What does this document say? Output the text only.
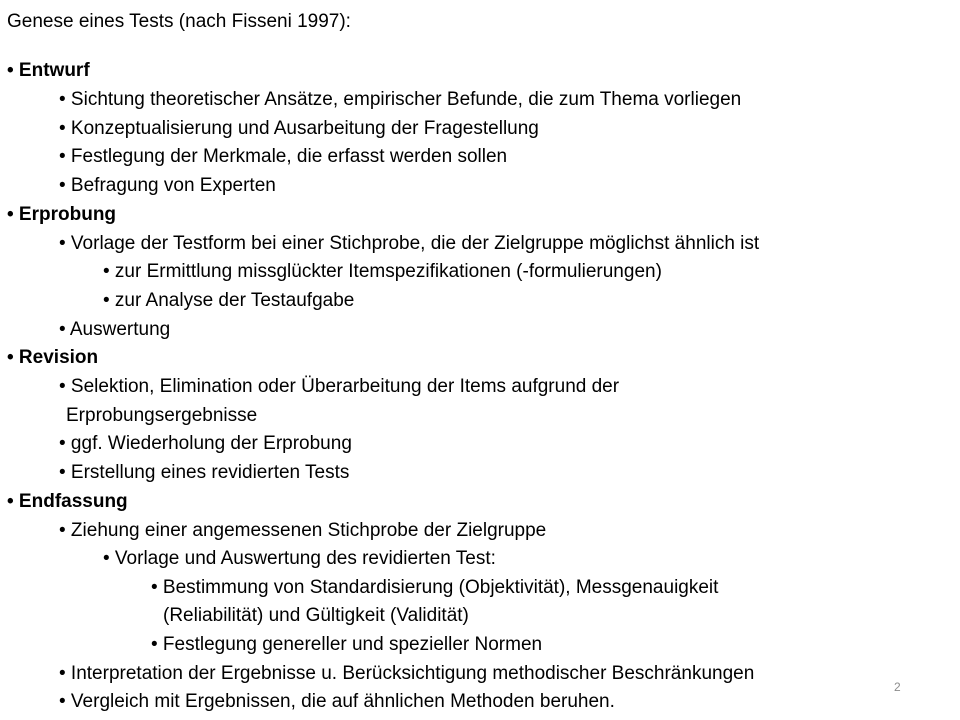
Genese eines Tests (nach Fisseni 1997):
• Entwurf
• Sichtung theoretischer Ansätze, empirischer Befunde, die zum Thema vorliegen
• Konzeptualisierung und Ausarbeitung der Fragestellung
• Festlegung der Merkmale, die erfasst werden sollen
• Befragung von Experten
• Erprobung
• Vorlage der Testform bei einer Stichprobe, die der Zielgruppe möglichst ähnlich ist
• zur Ermittlung missglückter Itemspezifikationen (-formulierungen)
• zur Analyse der Testaufgabe
• Auswertung
• Revision
• Selektion, Elimination oder Überarbeitung der Items aufgrund der
Erprobungsergebnisse
• ggf. Wiederholung der Erprobung
• Erstellung eines revidierten Tests
• Endfassung
• Ziehung einer angemessenen Stichprobe der Zielgruppe
• Vorlage und Auswertung des revidierten Test:
• Bestimmung von Standardisierung (Objektivität), Messgenauigkeit
(Reliabilität) und Gültigkeit (Validität)
• Festlegung genereller und spezieller Normen
• Interpretation der Ergebnisse u. Berücksichtigung methodischer Beschränkungen
• Vergleich mit Ergebnissen, die auf ähnlichen Methoden beruhen.
2
